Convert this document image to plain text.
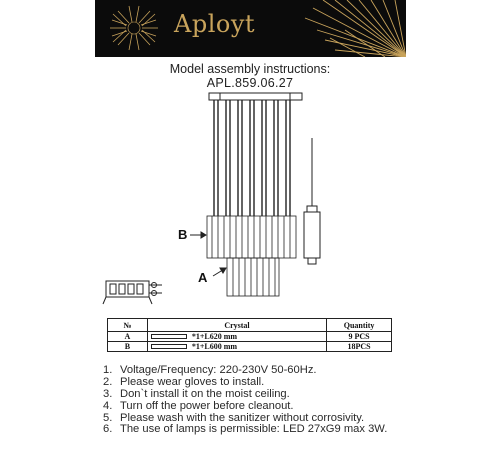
Aployt
Model assembly instructions:
APL.859.06.27
B
A
№	Crystal	Quantity
A	*1+L620 mm	9 PCS
B	*1+L600 mm	18PCS
1. Voltage/Frequency: 220-230V 50-60Hz.
2. Please wear gloves to install.
3. Don`t install it on the moist ceiling.
4. Turn off the power before cleanout.
5. Please wash with the sanitizer without corrosivity.
6. The use of lamps is permissible: LED 27xG9 max 3W.
